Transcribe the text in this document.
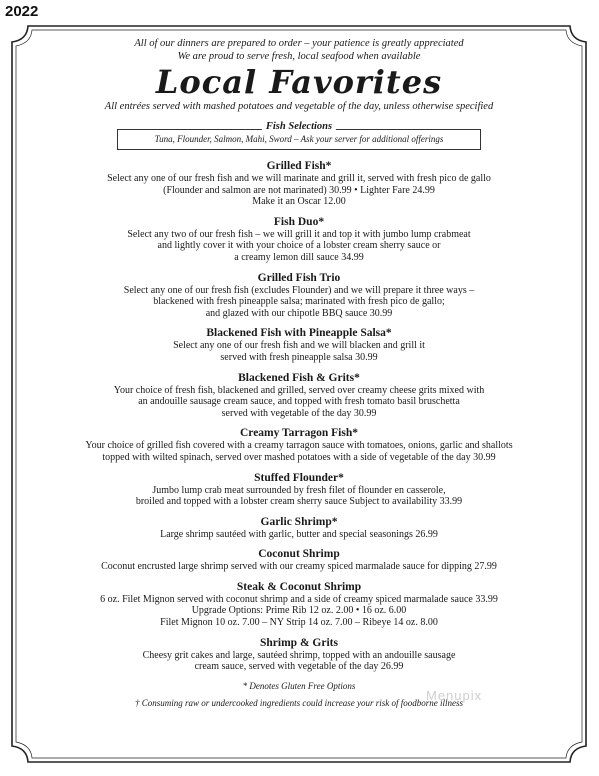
2022
All of our dinners are prepared to order – your patience is greatly appreciated
We are proud to serve fresh, local seafood when available
Local Favorites
All entrées served with mashed potatoes and vegetable of the day, unless otherwise specified
Fish Selections
Tuna, Flounder, Salmon, Mahi, Sword – Ask your server for additional offerings
Grilled Fish*
Select any one of our fresh fish and we will marinate and grill it, served with fresh pico de gallo
(Flounder and salmon are not marinated) 30.99 • Lighter Fare 24.99
Make it an Oscar 12.00
Fish Duo*
Select any two of our fresh fish – we will grill it and top it with jumbo lump crabmeat
and lightly cover it with your choice of a lobster cream sherry sauce or
a creamy lemon dill sauce 34.99
Grilled Fish Trio
Select any one of our fresh fish (excludes Flounder) and we will prepare it three ways –
blackened with fresh pineapple salsa; marinated with fresh pico de gallo;
and glazed with our chipotle BBQ sauce 30.99
Blackened Fish with Pineapple Salsa*
Select any one of our fresh fish and we will blacken and grill it
served with fresh pineapple salsa 30.99
Blackened Fish & Grits*
Your choice of fresh fish, blackened and grilled, served over creamy cheese grits mixed with
an andouille sausage cream sauce, and topped with fresh tomato basil bruschetta
served with vegetable of the day 30.99
Creamy Tarragon Fish*
Your choice of grilled fish covered with a creamy tarragon sauce with tomatoes, onions, garlic and shallots
topped with wilted spinach, served over mashed potatoes with a side of vegetable of the day 30.99
Stuffed Flounder*
Jumbo lump crab meat surrounded by fresh filet of flounder en casserole,
broiled and topped with a lobster cream sherry sauce Subject to availability 33.99
Garlic Shrimp*
Large shrimp sautéed with garlic, butter and special seasonings 26.99
Coconut Shrimp
Coconut encrusted large shrimp served with our creamy spiced marmalade sauce for dipping 27.99
Steak & Coconut Shrimp
6 oz. Filet Mignon served with coconut shrimp and a side of creamy spiced marmalade sauce 33.99
Upgrade Options: Prime Rib 12 oz. 2.00 • 16 oz. 6.00
Filet Mignon 10 oz. 7.00 – NY Strip 14 oz. 7.00 – Ribeye 14 oz. 8.00
Shrimp & Grits
Cheesy grit cakes and large, sautéed shrimp, topped with an andouille sausage
cream sauce, served with vegetable of the day 26.99
* Denotes Gluten Free Options
† Consuming raw or undercooked ingredients could increase your risk of foodborne illness
Menupix
